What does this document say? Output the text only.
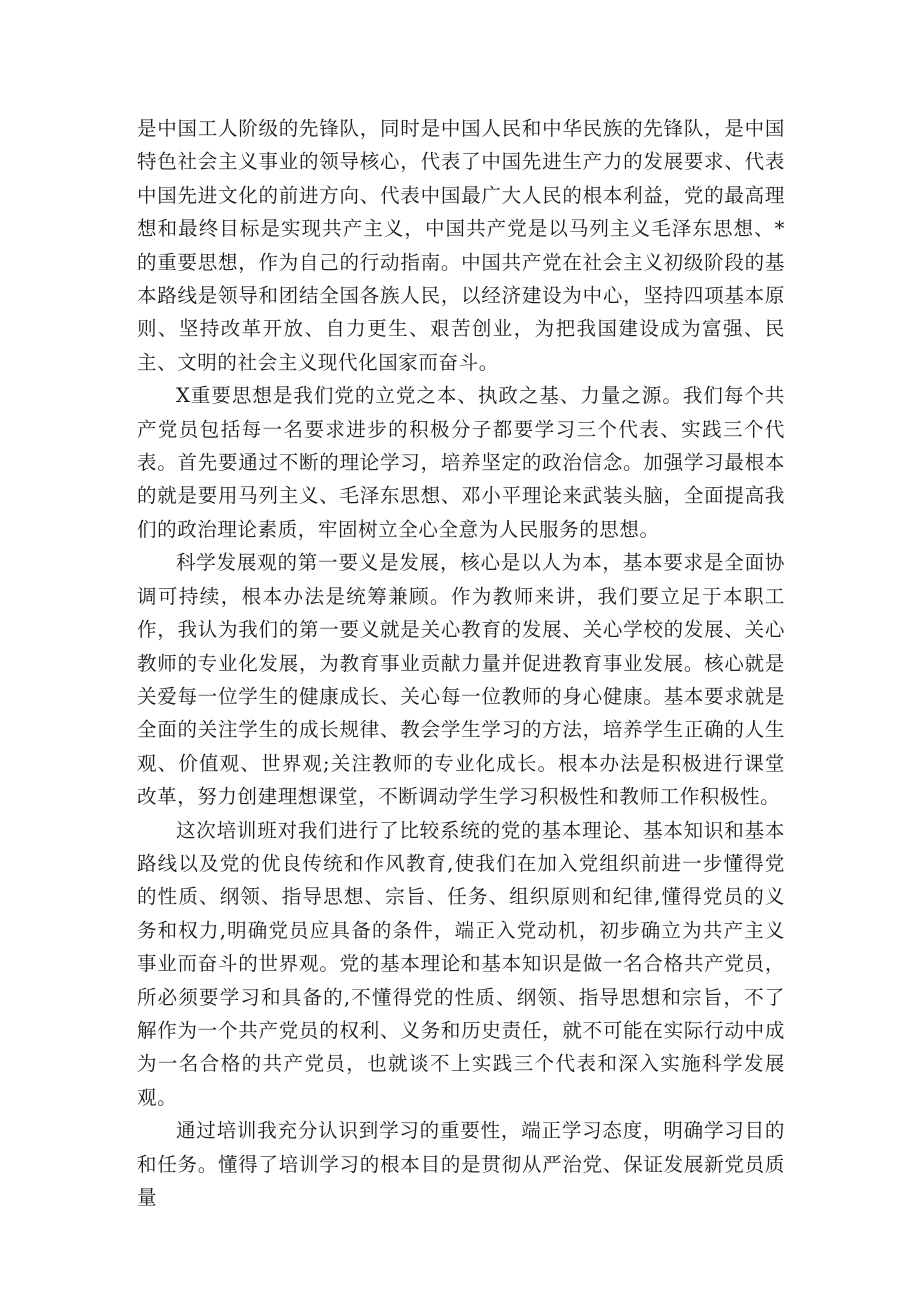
是中国工人阶级的先锋队，同时是中国人民和中华民族的先锋队，是中国特色社会主义事业的领导核心，代表了中国先进生产力的发展要求、代表中国先进文化的前进方向、代表中国最广大人民的根本利益，党的最高理想和最终目标是实现共产主义，中国共产党是以马列主义毛泽东思想、*的重要思想，作为自己的行动指南。中国共产党在社会主义初级阶段的基本路线是领导和团结全国各族人民，以经济建设为中心，坚持四项基本原则、坚持改革开放、自力更生、艰苦创业，为把我国建设成为富强、民主、文明的社会主义现代化国家而奋斗。

X重要思想是我们党的立党之本、执政之基、力量之源。我们每个共产党员包括每一名要求进步的积极分子都要学习三个代表、实践三个代表。首先要通过不断的理论学习，培养坚定的政治信念。加强学习最根本的就是要用马列主义、毛泽东思想、邓小平理论来武装头脑，全面提高我们的政治理论素质，牢固树立全心全意为人民服务的思想。

科学发展观的第一要义是发展，核心是以人为本，基本要求是全面协调可持续，根本办法是统筹兼顾。作为教师来讲，我们要立足于本职工作，我认为我们的第一要义就是关心教育的发展、关心学校的发展、关心教师的专业化发展，为教育事业贡献力量并促进教育事业发展。核心就是关爱每一位学生的健康成长、关心每一位教师的身心健康。基本要求就是全面的关注学生的成长规律、教会学生学习的方法，培养学生正确的人生观、价值观、世界观;关注教师的专业化成长。根本办法是积极进行课堂改革，努力创建理想课堂，不断调动学生学习积极性和教师工作积极性。

这次培训班对我们进行了比较系统的党的基本理论、基本知识和基本路线以及党的优良传统和作风教育,使我们在加入党组织前进一步懂得党的性质、纲领、指导思想、宗旨、任务、组织原则和纪律,懂得党员的义务和权力,明确党员应具备的条件，端正入党动机，初步确立为共产主义事业而奋斗的世界观。党的基本理论和基本知识是做一名合格共产党员，所必须要学习和具备的,不懂得党的性质、纲领、指导思想和宗旨，不了解作为一个共产党员的权利、义务和历史责任，就不可能在实际行动中成为一名合格的共产党员，也就谈不上实践三个代表和深入实施科学发展观。

通过培训我充分认识到学习的重要性，端正学习态度，明确学习目的和任务。懂得了培训学习的根本目的是贯彻从严治党、保证发展新党员质量
